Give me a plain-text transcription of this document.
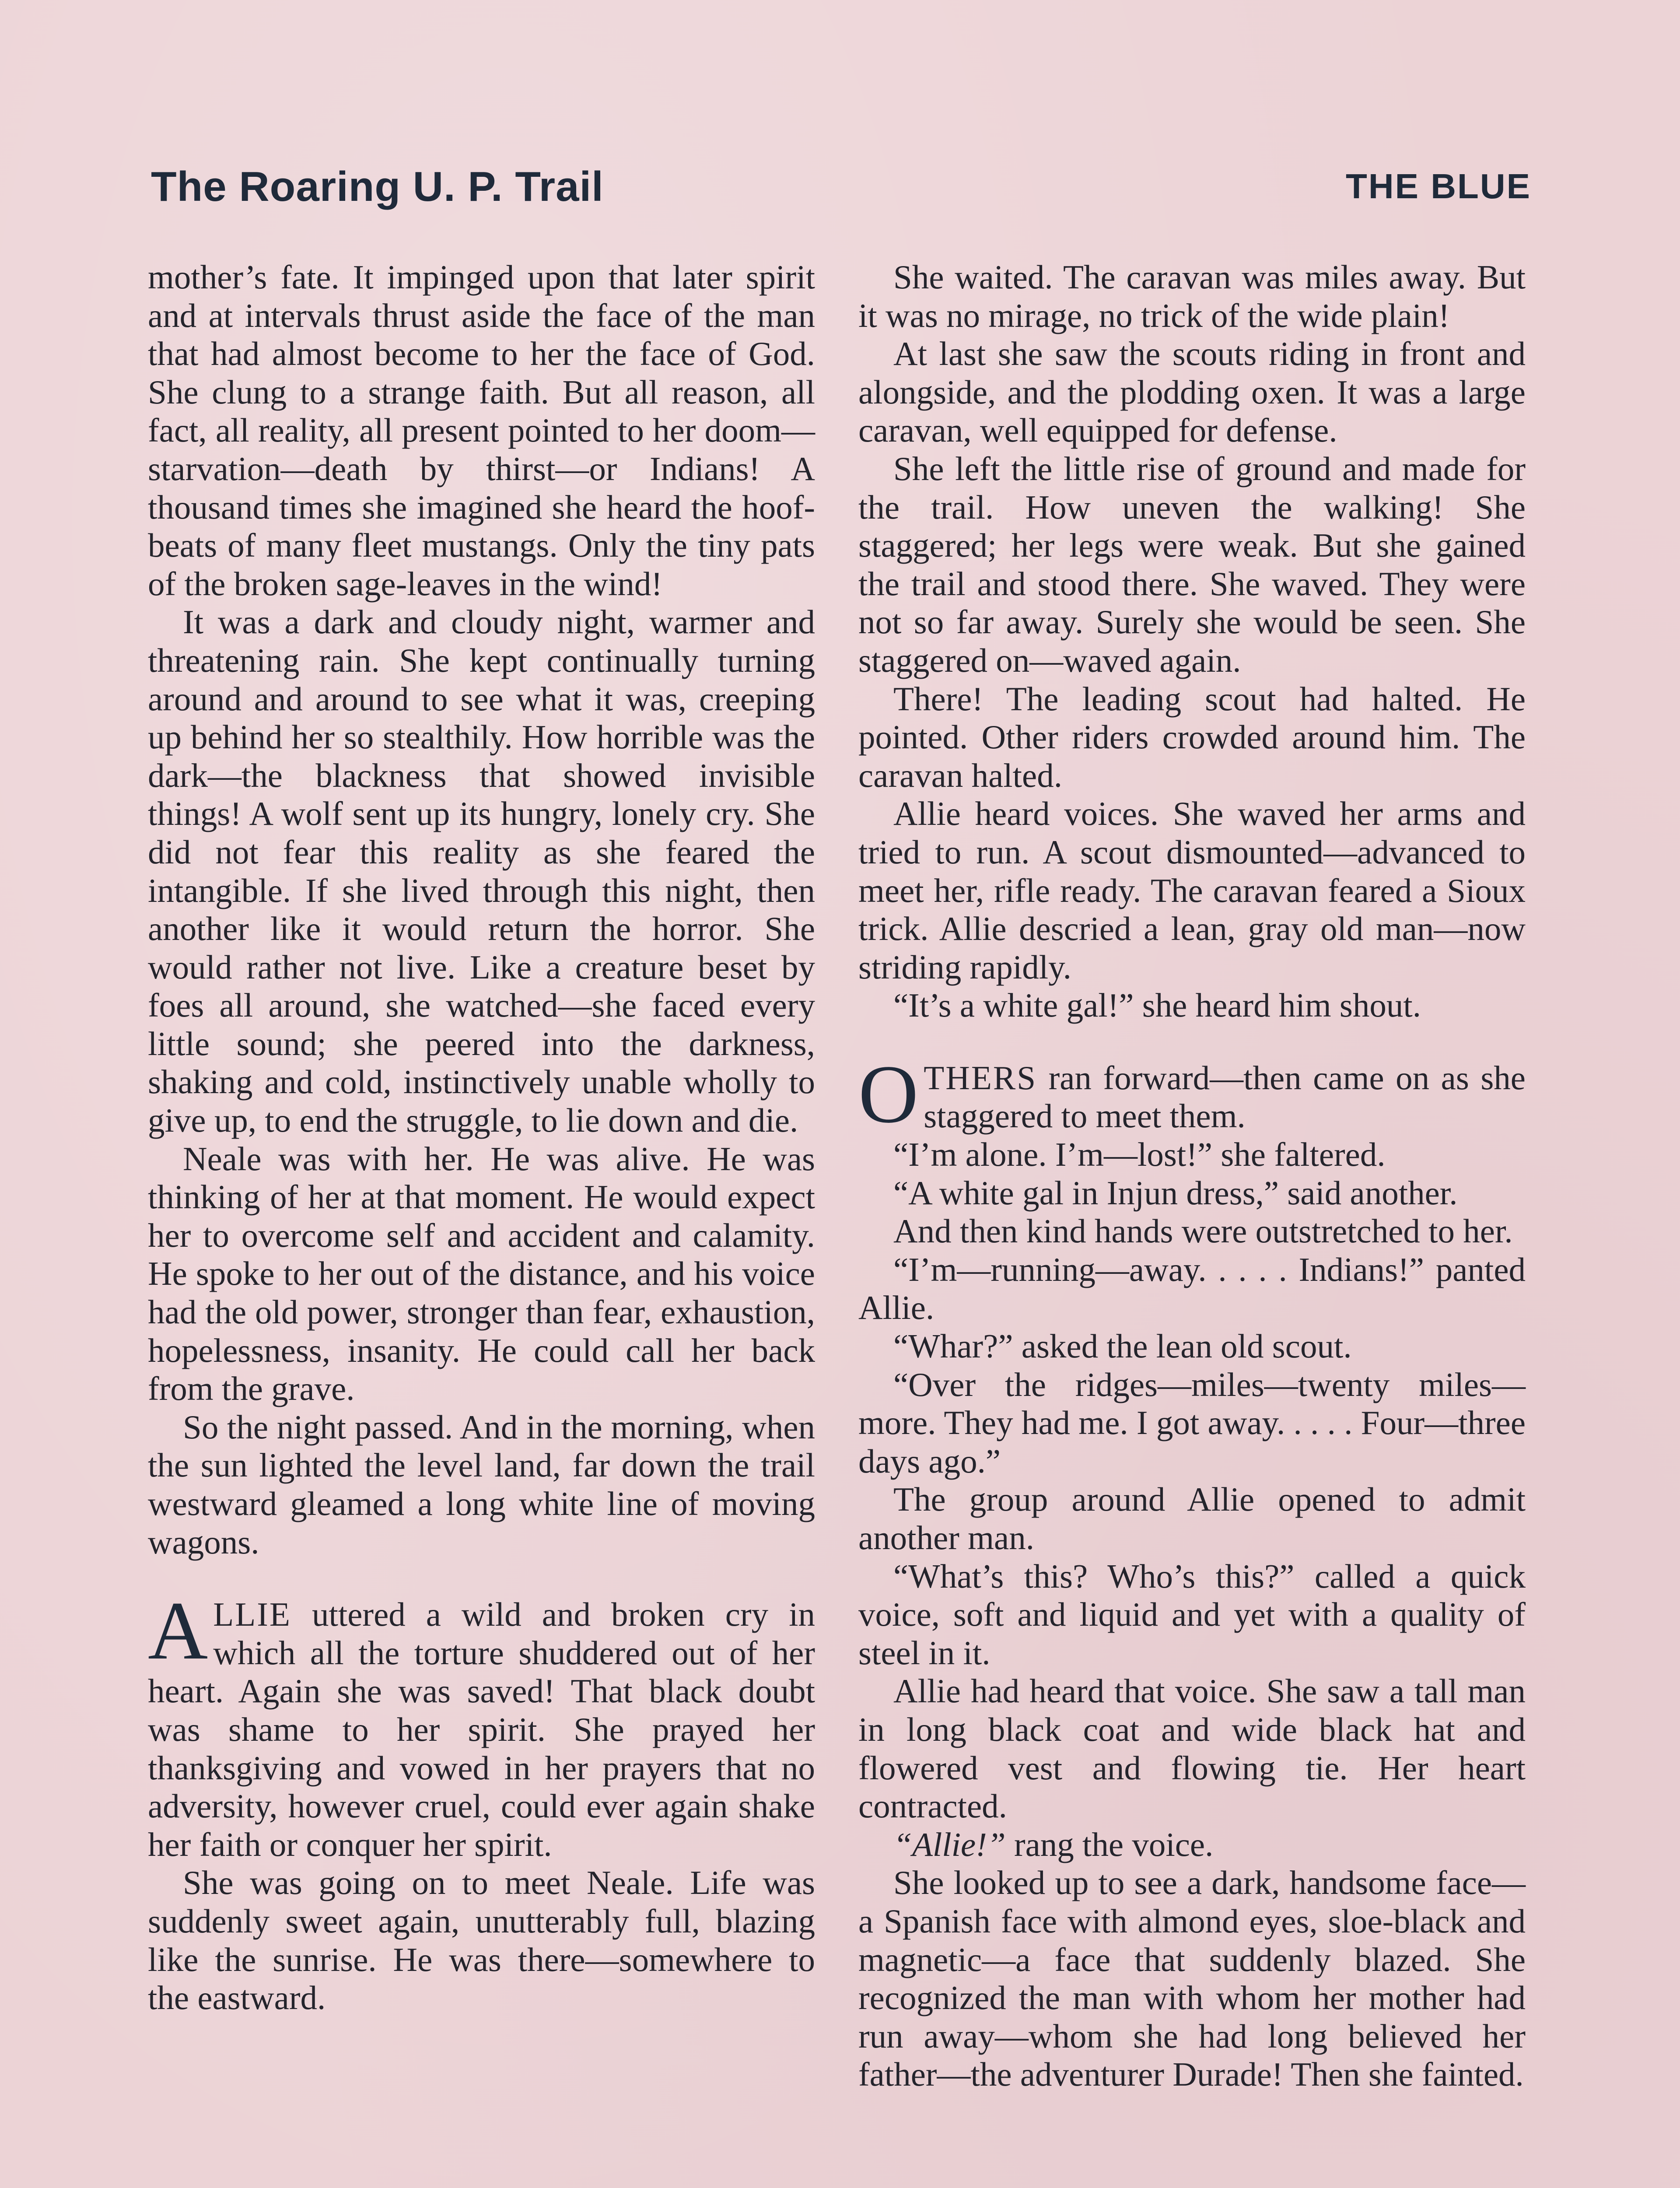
The Roaring U. P. Trail	THE BLUE

mother’s fate. It impinged upon that later spirit and at intervals thrust aside the face of the man that had almost become to her the face of God. She clung to a strange faith. But all reason, all fact, all reality, all present pointed to her doom—starvation—death by thirst—or Indians! A thousand times she imagined she heard the hoof-beats of many fleet mustangs. Only the tiny pats of the broken sage-leaves in the wind!

It was a dark and cloudy night, warmer and threatening rain. She kept continually turning around and around to see what it was, creeping up behind her so stealthily. How horrible was the dark—the blackness that showed invisible things! A wolf sent up its hungry, lonely cry. She did not fear this reality as she feared the intangible. If she lived through this night, then another like it would return the horror. She would rather not live. Like a creature beset by foes all around, she watched—she faced every little sound; she peered into the darkness, shaking and cold, instinctively unable wholly to give up, to end the struggle, to lie down and die.

Neale was with her. He was alive. He was thinking of her at that moment. He would expect her to overcome self and accident and calamity. He spoke to her out of the distance, and his voice had the old power, stronger than fear, exhaustion, hopelessness, insanity. He could call her back from the grave.

So the night passed. And in the morning, when the sun lighted the level land, far down the trail westward gleamed a long white line of moving wagons.

ALLIE uttered a wild and broken cry in which all the torture shuddered out of her heart. Again she was saved! That black doubt was shame to her spirit. She prayed her thanksgiving and vowed in her prayers that no adversity, however cruel, could ever again shake her faith or conquer her spirit.

She was going on to meet Neale. Life was suddenly sweet again, unutterably full, blazing like the sunrise. He was there—somewhere to the eastward.

She waited. The caravan was miles away. But it was no mirage, no trick of the wide plain!

At last she saw the scouts riding in front and alongside, and the plodding oxen. It was a large caravan, well equipped for defense.

She left the little rise of ground and made for the trail. How uneven the walking! She staggered; her legs were weak. But she gained the trail and stood there. She waved. They were not so far away. Surely she would be seen. She staggered on—waved again.

There! The leading scout had halted. He pointed. Other riders crowded around him. The caravan halted.

Allie heard voices. She waved her arms and tried to run. A scout dismounted—advanced to meet her, rifle ready. The caravan feared a Sioux trick. Allie descried a lean, gray old man—now striding rapidly.

“It’s a white gal!” she heard him shout.

OTHERS ran forward—then came on as she staggered to meet them.

“I’m alone. I’m—lost!” she faltered.

“A white gal in Injun dress,” said another.

And then kind hands were outstretched to her.

“I’m—running—away. . . . . Indians!” panted Allie.

“Whar?” asked the lean old scout.

“Over the ridges—miles—twenty miles—more. They had me. I got away. . . . . Four—three days ago.”

The group around Allie opened to admit another man.

“What’s this? Who’s this?” called a quick voice, soft and liquid and yet with a quality of steel in it.

Allie had heard that voice. She saw a tall man in long black coat and wide black hat and flowered vest and flowing tie. Her heart contracted.

“Allie!” rang the voice.

She looked up to see a dark, handsome face—a Spanish face with almond eyes, sloe-black and magnetic—a face that suddenly blazed. She recognized the man with whom her mother had run away—whom she had long believed her father—the adventurer Durade! Then she fainted.
